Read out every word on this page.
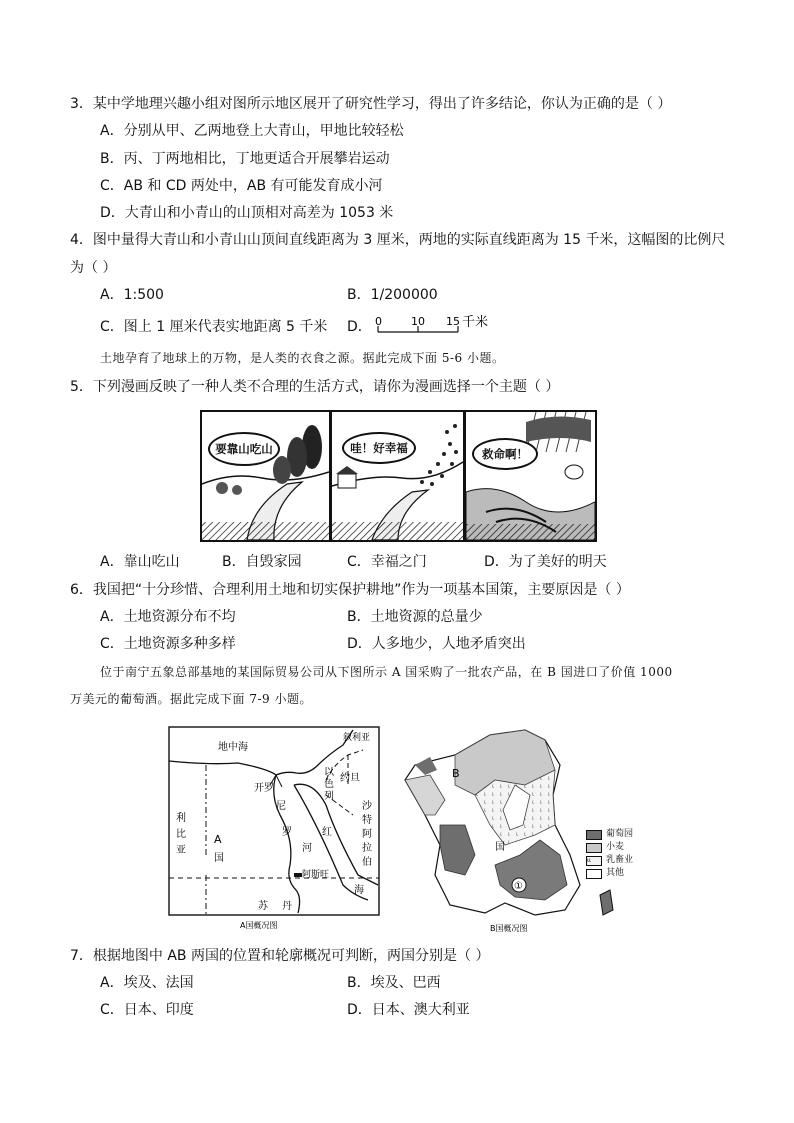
3．某中学地理兴趣小组对图所示地区展开了研究性学习，得出了许多结论，你认为正确的是（ ）
A．分别从甲、乙两地登上大青山，甲地比较轻松
B．丙、丁两地相比，丁地更适合开展攀岩运动
C．AB 和 CD 两处中，AB 有可能发育成小河
D．大青山和小青山的山顶相对高差为 1053 米
4．图中量得大青山和小青山山顶间直线距离为 3 厘米，两地的实际直线距离为 15 千米，这幅图的比例尺
为（ ）
A．1:500	B．1/200000
C．图上 1 厘米代表实地距离 5 千米 D． 0	10 15 千米
土地孕育了地球上的万物，是人类的衣食之源。据此完成下面 5-6 小题。
5．下列漫画反映了一种人类不合理的生活方式，请你为漫画选择一个主题（ ）
要靠山吃山	哇！好幸福	救命啊！
A．靠山吃山	B．自毁家园	C．幸福之门	D．为了美好的明天
6．我国把“十分珍惜、合理利用土地和切实保护耕地”作为一项基本国策，主要原因是（ ）
A．土地资源分布不均	B．土地资源的总量少
C．土地资源多种多样	D．人多地少，人地矛盾突出
位于南宁五象总部基地的某国际贸易公司从下图所示 A 国采购了一批农产品，在 B 国进口了价值 1000
万美元的葡萄酒。据此完成下面 7-9 小题。
地中海
叙利亚
以
色
列
约旦
沙
特
阿
拉
伯
利
比
亚
开罗
尼
罗
河
红
海
A
国
阿斯旺
苏 丹
A国概况图
①
B
国
B国概况图
葡萄园
小麦
ɩɩ	乳畜业
其他
7．根据地图中 AB 两国的位置和轮廓概况可判断，两国分别是（ ）
A．埃及、法国	B．埃及、巴西
C．日本、印度	D．日本、澳大利亚
